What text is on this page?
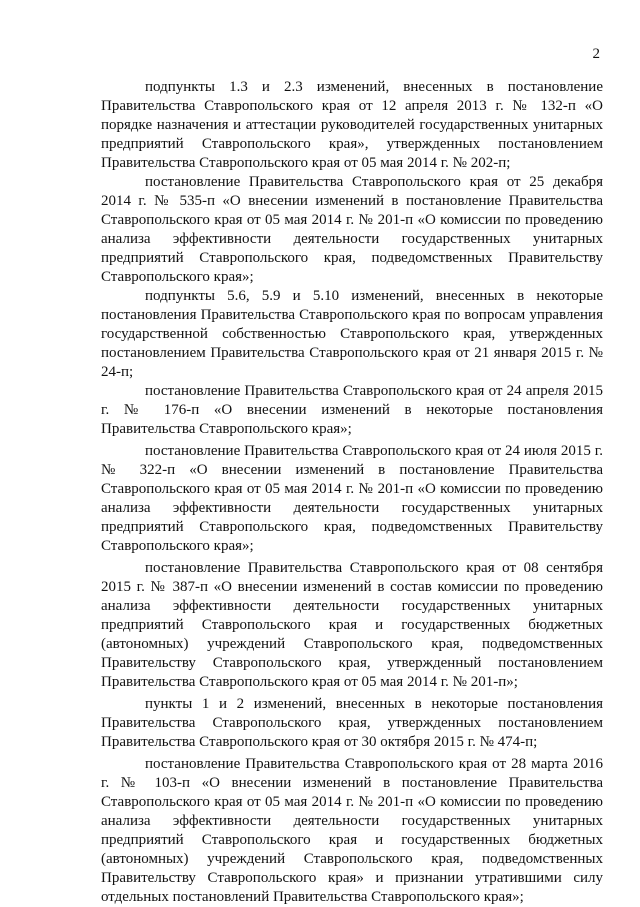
2

подпункты 1.3 и 2.3 изменений, внесенных в постановление Правительства Ставропольского края от 12 апреля 2013 г. № 132-п «О порядке назначения и аттестации руководителей государственных унитарных предприятий Ставропольского края», утвержденных постановлением Правительства Ставропольского края от 05 мая 2014 г. № 202-п;

постановление Правительства Ставропольского края от 25 декабря 2014 г. № 535-п «О внесении изменений в постановление Правительства Ставропольского края от 05 мая 2014 г. № 201-п «О комиссии по проведению анализа эффективности деятельности государственных унитарных предприятий Ставропольского края, подведомственных Правительству Ставропольского края»;

подпункты 5.6, 5.9 и 5.10 изменений, внесенных в некоторые постановления Правительства Ставропольского края по вопросам управления государственной собственностью Ставропольского края, утвержденных постановлением Правительства Ставропольского края от 21 января 2015 г. № 24-п;

постановление Правительства Ставропольского края от 24 апреля 2015 г. № 176-п «О внесении изменений в некоторые постановления Правительства Ставропольского края»;

постановление Правительства Ставропольского края от 24 июля 2015 г. № 322-п «О внесении изменений в постановление Правительства Ставропольского края от 05 мая 2014 г. № 201-п «О комиссии по проведению анализа эффективности деятельности государственных унитарных предприятий Ставропольского края, подведомственных Правительству Ставропольского края»;

постановление Правительства Ставропольского края от 08 сентября 2015 г. № 387-п «О внесении изменений в состав комиссии по проведению анализа эффективности деятельности государственных унитарных предприятий Ставропольского края и государственных бюджетных (автономных) учреждений Ставропольского края, подведомственных Правительству Ставропольского края, утвержденный постановлением Правительства Ставропольского края от 05 мая 2014 г. № 201-п»;

пункты 1 и 2 изменений, внесенных в некоторые постановления Правительства Ставропольского края, утвержденных постановлением Правительства Ставропольского края от 30 октября 2015 г. № 474-п;

постановление Правительства Ставропольского края от 28 марта 2016 г. № 103-п «О внесении изменений в постановление Правительства Ставропольского края от 05 мая 2014 г. № 201-п «О комиссии по проведению анализа эффективности деятельности государственных унитарных предприятий Ставропольского края и государственных бюджетных (автономных) учреждений Ставропольского края, подведомственных Правительству Ставропольского края» и признании утратившими силу отдельных постановлений Правительства Ставропольского края»;
